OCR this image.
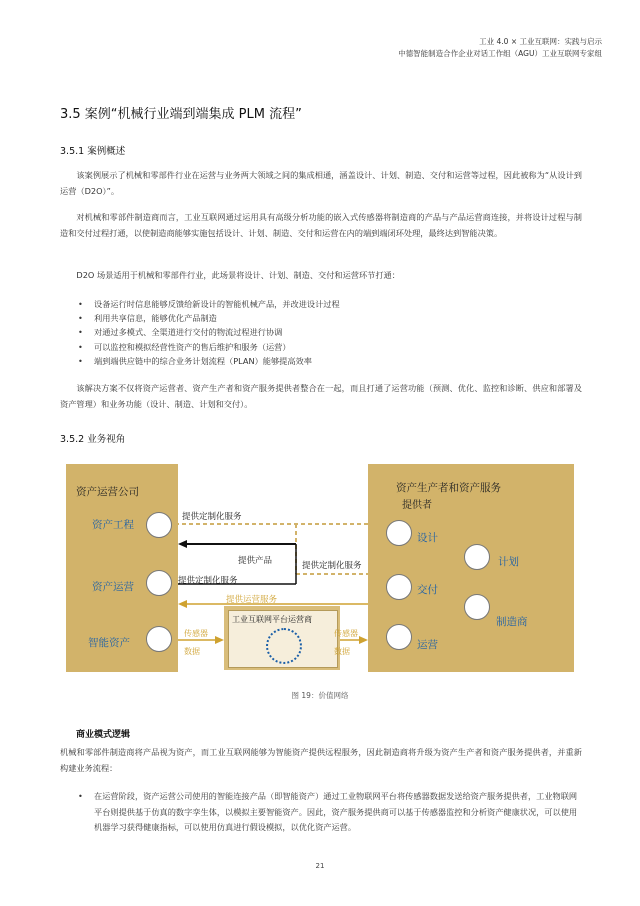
工业 4.0 × 工业互联网：实践与启示
中德智能制造合作企业对话工作组（AGU）工业互联网专家组
3.5 案例“机械行业端到端集成 PLM 流程”
3.5.1 案例概述
该案例展示了机械和零部件行业在运营与业务两大领域之间的集成相通，涵盖设计、计划、制造、交付和运营等过程，因此被称为“从设计到运营（D2O）”。
对机械和零部件制造商而言，工业互联网通过运用具有高级分析功能的嵌入式传感器将制造商的产品与产品运营商连接，并将设计过程与制造和交付过程打通，以使制造商能够实施包括设计、计划、制造、交付和运营在内的端到端闭环处理，最终达到智能决策。
D2O 场景适用于机械和零部件行业，此场景将设计、计划、制造、交付和运营环节打通：
• 设备运行时信息能够反馈给新设计的智能机械产品，并改进设计过程
• 利用共享信息，能够优化产品制造
• 对通过多模式、全渠道进行交付的物流过程进行协调
• 可以监控和模拟经营性资产的售后维护和服务（运营）
• 端到端供应链中的综合业务计划流程（PLAN）能够提高效率
该解决方案不仅将资产运营者、资产生产者和资产服务提供者整合在一起，而且打通了运营功能（预测、优化、监控和诊断、供应和部署及资产管理）和业务功能（设计、制造、计划和交付）。
3.5.2 业务视角
资产运营公司
资产工程
资产运营
智能资产
资产生产者和资产服务
提供者
设计
交付
运营
计划
制造商
工业互联网平台运营商
提供定制化服务
提供产品
提供定制化服务
提供定制化服务
提供运营服务
传感器
数据
传感器
数据
图 19：价值网络
商业模式逻辑
机械和零部件制造商将产品视为资产，而工业互联网能够为智能资产提供远程服务，因此制造商将升级为资产生产者和资产服务提供者，并重新构建业务流程：
• 在运营阶段，资产运营公司使用的智能连接产品（即智能资产）通过工业物联网平台将传感器数据发送给资产服务提供者，工业物联网平台则提供基于仿真的数字孪生体，以模拟主要智能资产。因此，资产服务提供商可以基于传感器监控和分析资产健康状况，可以使用机器学习获得健康指标，可以使用仿真进行假设模拟，以优化资产运营。
21
